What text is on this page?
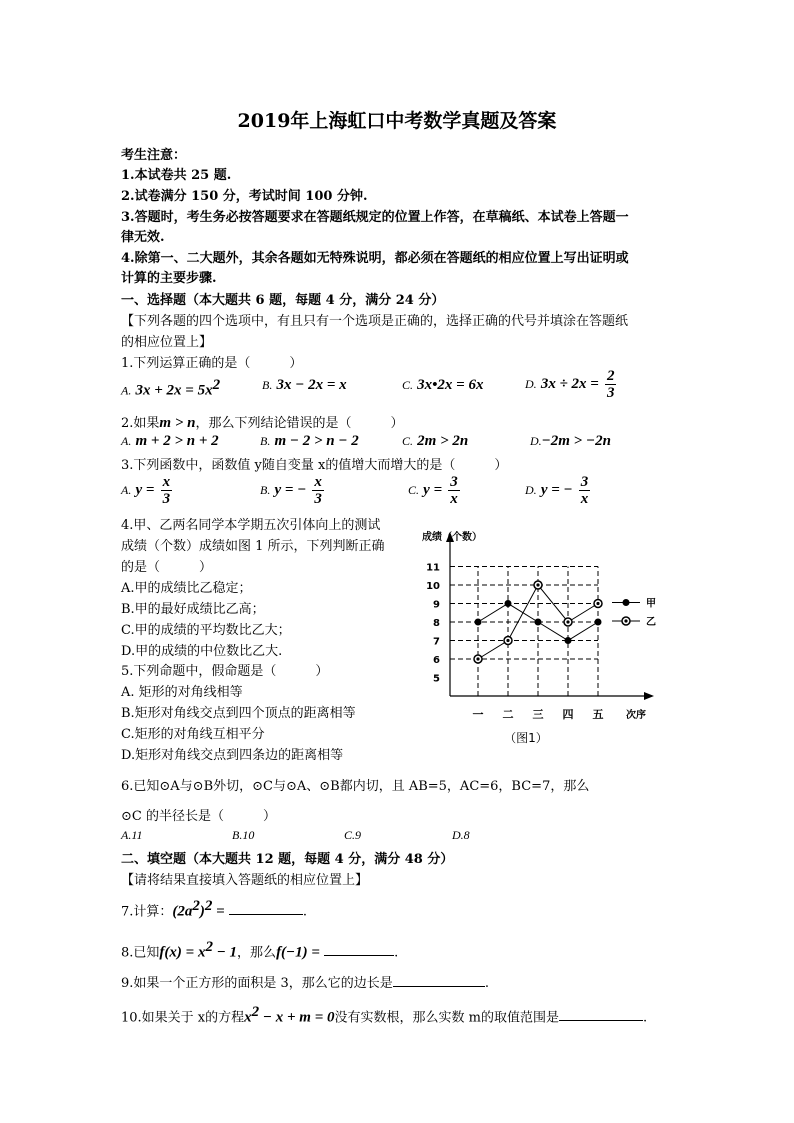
2019年上海虹口中考数学真题及答案
考生注意：
1.本试卷共 25 题.
2.试卷满分 150 分，考试时间 100 分钟.
3.答题时，考生务必按答题要求在答题纸规定的位置上作答，在草稿纸、本试卷上答题一
律无效.
4.除第一、二大题外，其余各题如无特殊说明，都必须在答题纸的相应位置上写出证明或
计算的主要步骤.
一、选择题（本大题共 6 题，每题 4 分，满分 24 分）
【下列各题的四个选项中，有且只有一个选项是正确的，选择正确的代号并填涂在答题纸
的相应位置上】
1.下列运算正确的是（　　　）
A. $3x + 2x = 5x^2$	B. 3x − 2x = x	C. 3x•2x = 6x	D. $3x \div 2x = \frac{2}{3}$
2.如果m > n，那么下列结论错误的是（　　　）
A. m + 2 > n + 2	B. m − 2 > n − 2	C. 2m > 2n	D.−2m > −2n
3.下列函数中，函数值 y随自变量 x的值增大而增大的是（　　　）
A. $y = \frac{x}{3}$	B. y = − $\frac{x}{3}$	C. $y = \frac{3}{x}$	D. y = − $\frac{3}{x}$
4.甲、乙两名同学本学期五次引体向上的测试
成绩（个数）成绩如图 1 所示，下列判断正确
的是（　　　）
A.甲的成绩比乙稳定；
B.甲的最好成绩比乙高；
C.甲的成绩的平均数比乙大；
D.甲的成绩的中位数比乙大.
5.下列命题中，假命题是（　　　）
A. 矩形的对角线相等
B.矩形对角线交点到四个顶点的距离相等
C.矩形的对角线互相平分
D.矩形对角线交点到四条边的距离相等
5
6
7
8
9
10
11
一 二 三 四 五
成绩（个数）
次序
（图1）
甲
乙
6.已知⊙A与⊙B外切，⊙C与⊙A、⊙B都内切，且 AB=5，AC=6，BC=7，那么
⊙C 的半径长是（　　　）
A.11	B.10	C.9	D.8
二、填空题（本大题共 12 题，每题 4 分，满分 48 分）
【请将结果直接填入答题纸的相应位置上】
7.计算：$(2a^2)^2$ =	.
8.已知$f(x) = x^2 - 1$，那么f(−1) =	.
9.如果一个正方形的面积是 3，那么它的边长是	.
10.如果关于 x的方程$x^2 - x + m = 0$没有实数根，那么实数 m的取值范围是	.
